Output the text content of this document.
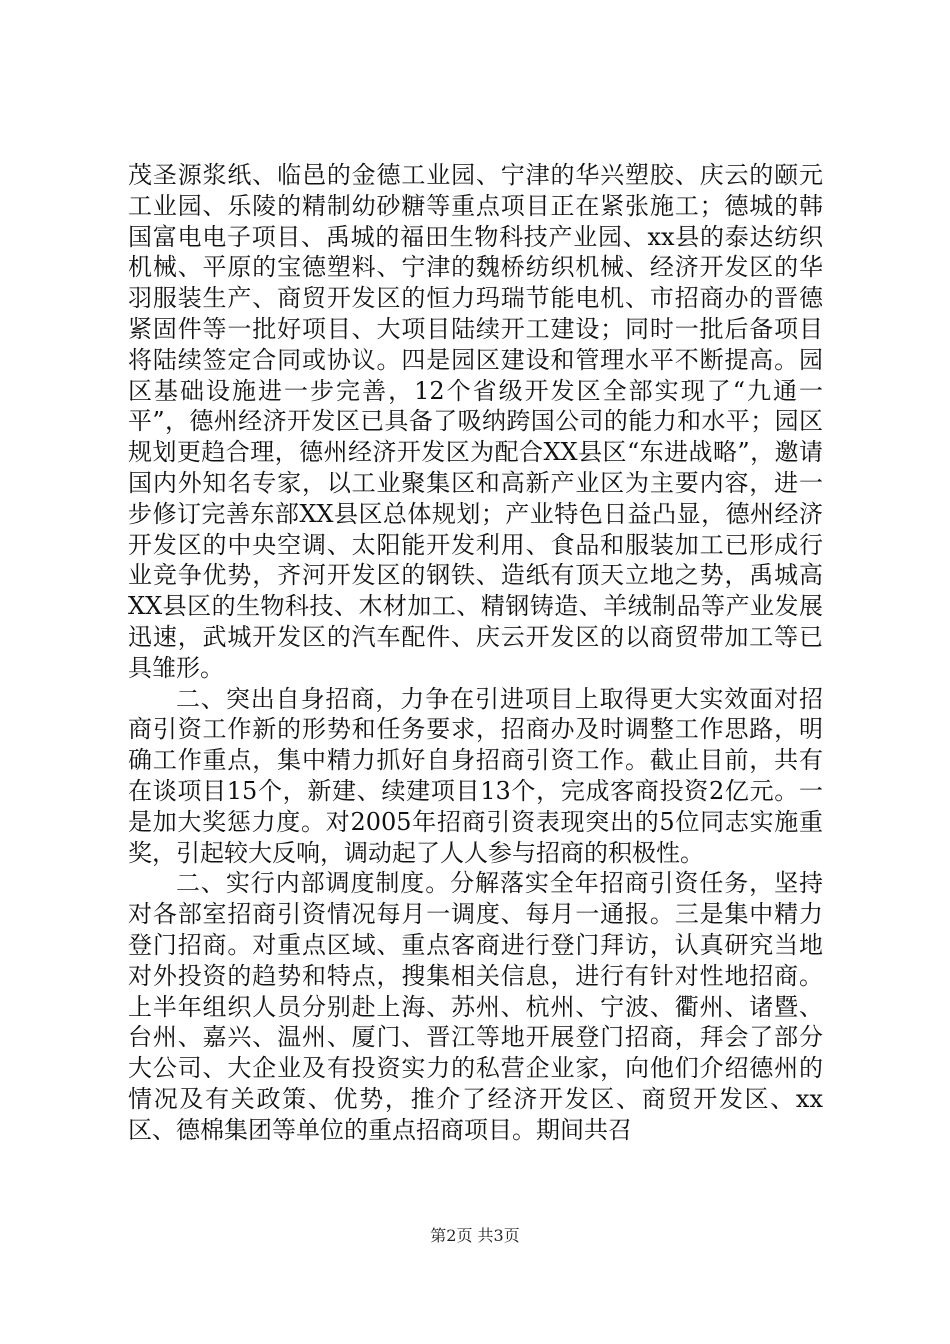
茂圣源浆纸、临邑的金德工业园、宁津的华兴塑胶、庆云的颐元工业园、乐陵的精制幼砂糖等重点项目正在紧张施工；德城的韩国富电电子项目、禹城的福田生物科技产业园、xx县的泰达纺织机械、平原的宝德塑料、宁津的魏桥纺织机械、经济开发区的华羽服装生产、商贸开发区的恒力玛瑞节能电机、市招商办的晋德紧固件等一批好项目、大项目陆续开工建设；同时一批后备项目将陆续签定合同或协议。四是园区建设和管理水平不断提高。园区基础设施进一步完善，12个省级开发区全部实现了“九通一平”，德州经济开发区已具备了吸纳跨国公司的能力和水平；园区规划更趋合理，德州经济开发区为配合XX县区“东进战略”，邀请国内外知名专家，以工业聚集区和高新产业区为主要内容，进一步修订完善东部XX县区总体规划；产业特色日益凸显，德州经济开发区的中央空调、太阳能开发利用、食品和服装加工已形成行业竞争优势，齐河开发区的钢铁、造纸有顶天立地之势，禹城高XX县区的生物科技、木材加工、精钢铸造、羊绒制品等产业发展迅速，武城开发区的汽车配件、庆云开发区的以商贸带加工等已具雏形。

二、突出自身招商，力争在引进项目上取得更大实效面对招商引资工作新的形势和任务要求，招商办及时调整工作思路，明确工作重点，集中精力抓好自身招商引资工作。截止目前，共有在谈项目15个，新建、续建项目13个，完成客商投资2亿元。一是加大奖惩力度。对2005年招商引资表现突出的5位同志实施重奖，引起较大反响，调动起了人人参与招商的积极性。

二、实行内部调度制度。分解落实全年招商引资任务，坚持对各部室招商引资情况每月一调度、每月一通报。三是集中精力登门招商。对重点区域、重点客商进行登门拜访，认真研究当地对外投资的趋势和特点，搜集相关信息，进行有针对性地招商。上半年组织人员分别赴上海、苏州、杭州、宁波、衢州、诸暨、台州、嘉兴、温州、厦门、晋江等地开展登门招商，拜会了部分大公司、大企业及有投资实力的私营企业家，向他们介绍德州的情况及有关政策、优势，推介了经济开发区、商贸开发区、xx区、德棉集团等单位的重点招商项目。期间共召

第2页 共3页
